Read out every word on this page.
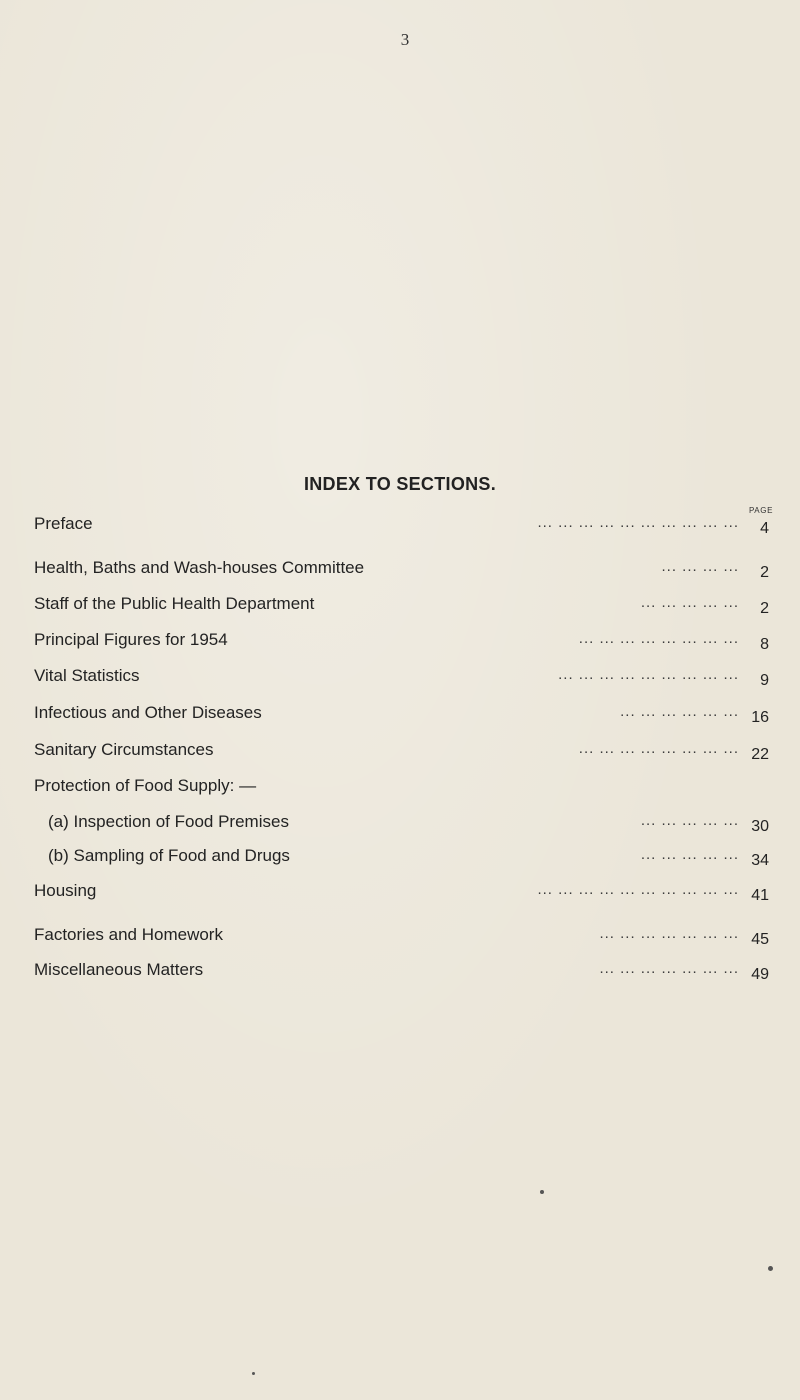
3
INDEX TO SECTIONS.
PAGE
Preface	... ... ... ... ... ... ... ... ... ...	4
Health, Baths and Wash-houses Committee	... ... ... ...	2
Staff of the Public Health Department	... ... ... ... ...	2
Principal Figures for 1954	... ... ... ... ... ... ... ...	8
Vital Statistics	... ... ... ... ... ... ... ... ...	9
Infectious and Other Diseases	... ... ... ... ... ... 16
Sanitary Circumstances	... ... ... ... ... ... ... ... 22
Protection of Food Supply: —
(a) Inspection of Food Premises	... ... ... ... ... 30
(b) Sampling of Food and Drugs	... ... ... ... ... 34
Housing	... ... ... ... ... ... ... ... ... ... 41
Factories and Homework	... ... ... ... ... ... ... 45
Miscellaneous Matters	... ... ... ... ... ... ... 49
